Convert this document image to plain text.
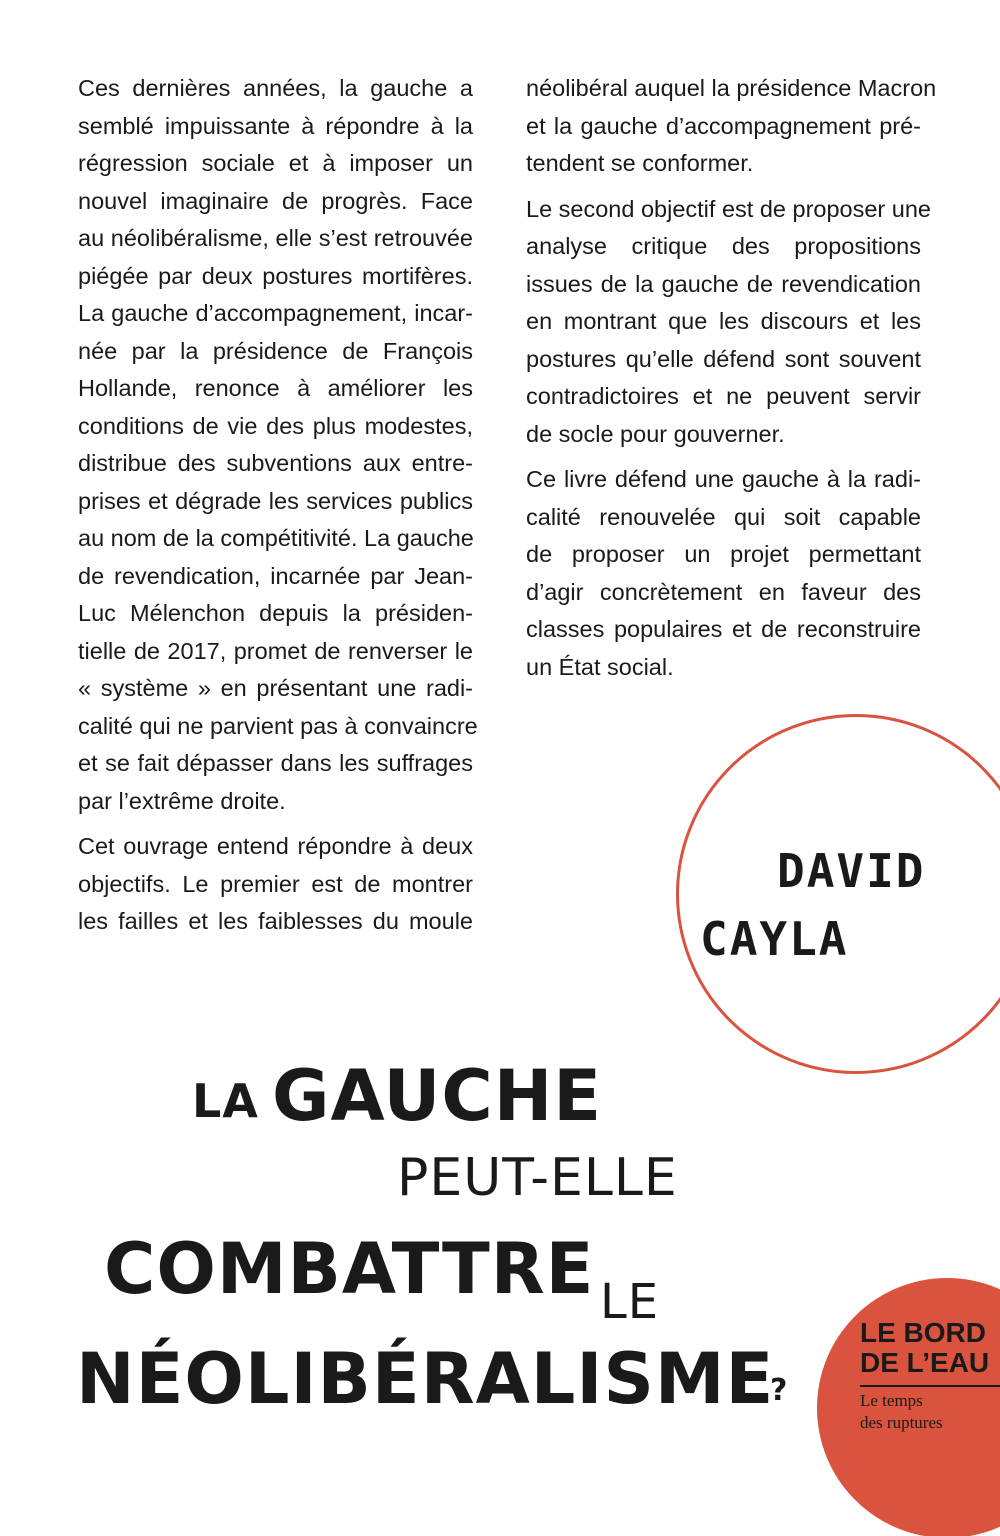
Ces dernières années, la gauche a
semblé impuissante à répondre à la
régression sociale et à imposer un
nouvel imaginaire de progrès. Face
au néolibéralisme, elle s’est retrouvée
piégée par deux postures mortifères.
La gauche d’accompagnement, incar-
née par la présidence de François
Hollande, renonce à améliorer les
conditions de vie des plus modestes,
distribue des subventions aux entre-
prises et dégrade les services publics
au nom de la compétitivité. La gauche
de revendication, incarnée par Jean-
Luc Mélenchon depuis la présiden-
tielle de 2017, promet de renverser le
« système » en présentant une radi-
calité qui ne parvient pas à convaincre
et se fait dépasser dans les suffrages
par l’extrême droite.
Cet ouvrage entend répondre à deux
objectifs. Le premier est de montrer
les failles et les faiblesses du moule
néolibéral auquel la présidence Macron
et la gauche d’accompagnement pré-
tendent se conformer.
Le second objectif est de proposer une
analyse critique des propositions
issues de la gauche de revendication
en montrant que les discours et les
postures qu’elle défend sont souvent
contradictoires et ne peuvent servir
de socle pour gouverner.
Ce livre défend une gauche à la radi-
calité renouvelée qui soit capable
de proposer un projet permettant
d’agir concrètement en faveur des
classes populaires et de reconstruire
un État social.
DAVID
CAYLA
LA GAUCHE
PEUT-ELLE
COMBATTRE LE
NÉOLIBÉRALISME
?
LE BORD
DE L’EAU
Le temps
des ruptures
